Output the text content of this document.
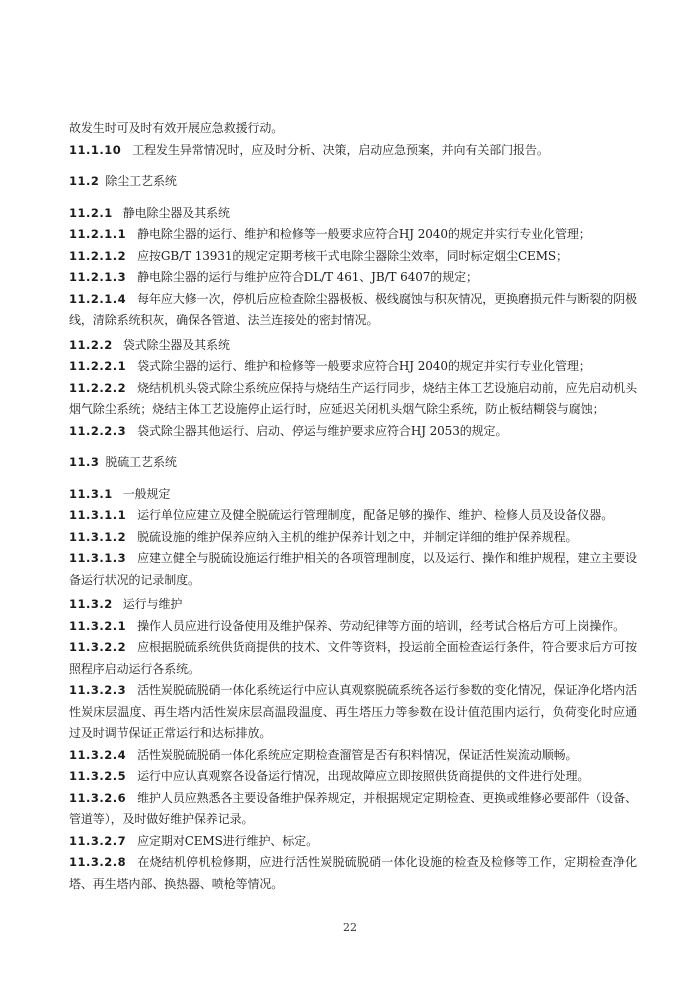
故发生时可及时有效开展应急救援行动。

11.1.10 工程发生异常情况时，应及时分析、决策，启动应急预案，并向有关部门报告。

11.2 除尘工艺系统
11.2.1 静电除尘器及其系统

11.2.1.1 静电除尘器的运行、维护和检修等一般要求应符合HJ 2040的规定并实行专业化管理；

11.2.1.2 应按GB/T 13931的规定定期考核干式电除尘器除尘效率，同时标定烟尘CEMS；

11.2.1.3 静电除尘器的运行与维护应符合DL/T 461、JB/T 6407的规定；

11.2.1.4 每年应大修一次，停机后应检查除尘器极板、极线腐蚀与积灰情况，更换磨损元件与断裂的阴极线，清除系统积灰，确保各管道、法兰连接处的密封情况。

11.2.2 袋式除尘器及其系统

11.2.2.1 袋式除尘器的运行、维护和检修等一般要求应符合HJ 2040的规定并实行专业化管理；

11.2.2.2 烧结机机头袋式除尘系统应保持与烧结生产运行同步，烧结主体工艺设施启动前，应先启动机头烟气除尘系统；烧结主体工艺设施停止运行时，应延迟关闭机头烟气除尘系统，防止板结糊袋与腐蚀；

11.2.2.3 袋式除尘器其他运行、启动、停运与维护要求应符合HJ 2053的规定。

11.3 脱硫工艺系统
11.3.1 一般规定

11.3.1.1 运行单位应建立及健全脱硫运行管理制度，配备足够的操作、维护、检修人员及设备仪器。

11.3.1.2 脱硫设施的维护保养应纳入主机的维护保养计划之中，并制定详细的维护保养规程。

11.3.1.3 应建立健全与脱硫设施运行维护相关的各项管理制度，以及运行、操作和维护规程，建立主要设备运行状况的记录制度。

11.3.2 运行与维护

11.3.2.1 操作人员应进行设备使用及维护保养、劳动纪律等方面的培训，经考试合格后方可上岗操作。

11.3.2.2 应根据脱硫系统供货商提供的技术、文件等资料，投运前全面检查运行条件，符合要求后方可按照程序启动运行各系统。

11.3.2.3 活性炭脱硫脱硝一体化系统运行中应认真观察脱硫系统各运行参数的变化情况，保证净化塔内活性炭床层温度、再生塔内活性炭床层高温段温度、再生塔压力等参数在设计值范围内运行，负荷变化时应通过及时调节保证正常运行和达标排放。

11.3.2.4 活性炭脱硫脱硝一体化系统应定期检查溜管是否有积料情况，保证活性炭流动顺畅。

11.3.2.5 运行中应认真观察各设备运行情况，出现故障应立即按照供货商提供的文件进行处理。

11.3.2.6 维护人员应熟悉各主要设备维护保养规定，并根据规定定期检查、更换或维修必要部件（设备、管道等），及时做好维护保养记录。

11.3.2.7 应定期对CEMS进行维护、标定。

11.3.2.8 在烧结机停机检修期，应进行活性炭脱硫脱硝一体化设施的检查及检修等工作，定期检查净化塔、再生塔内部、换热器、喷枪等情况。

22
